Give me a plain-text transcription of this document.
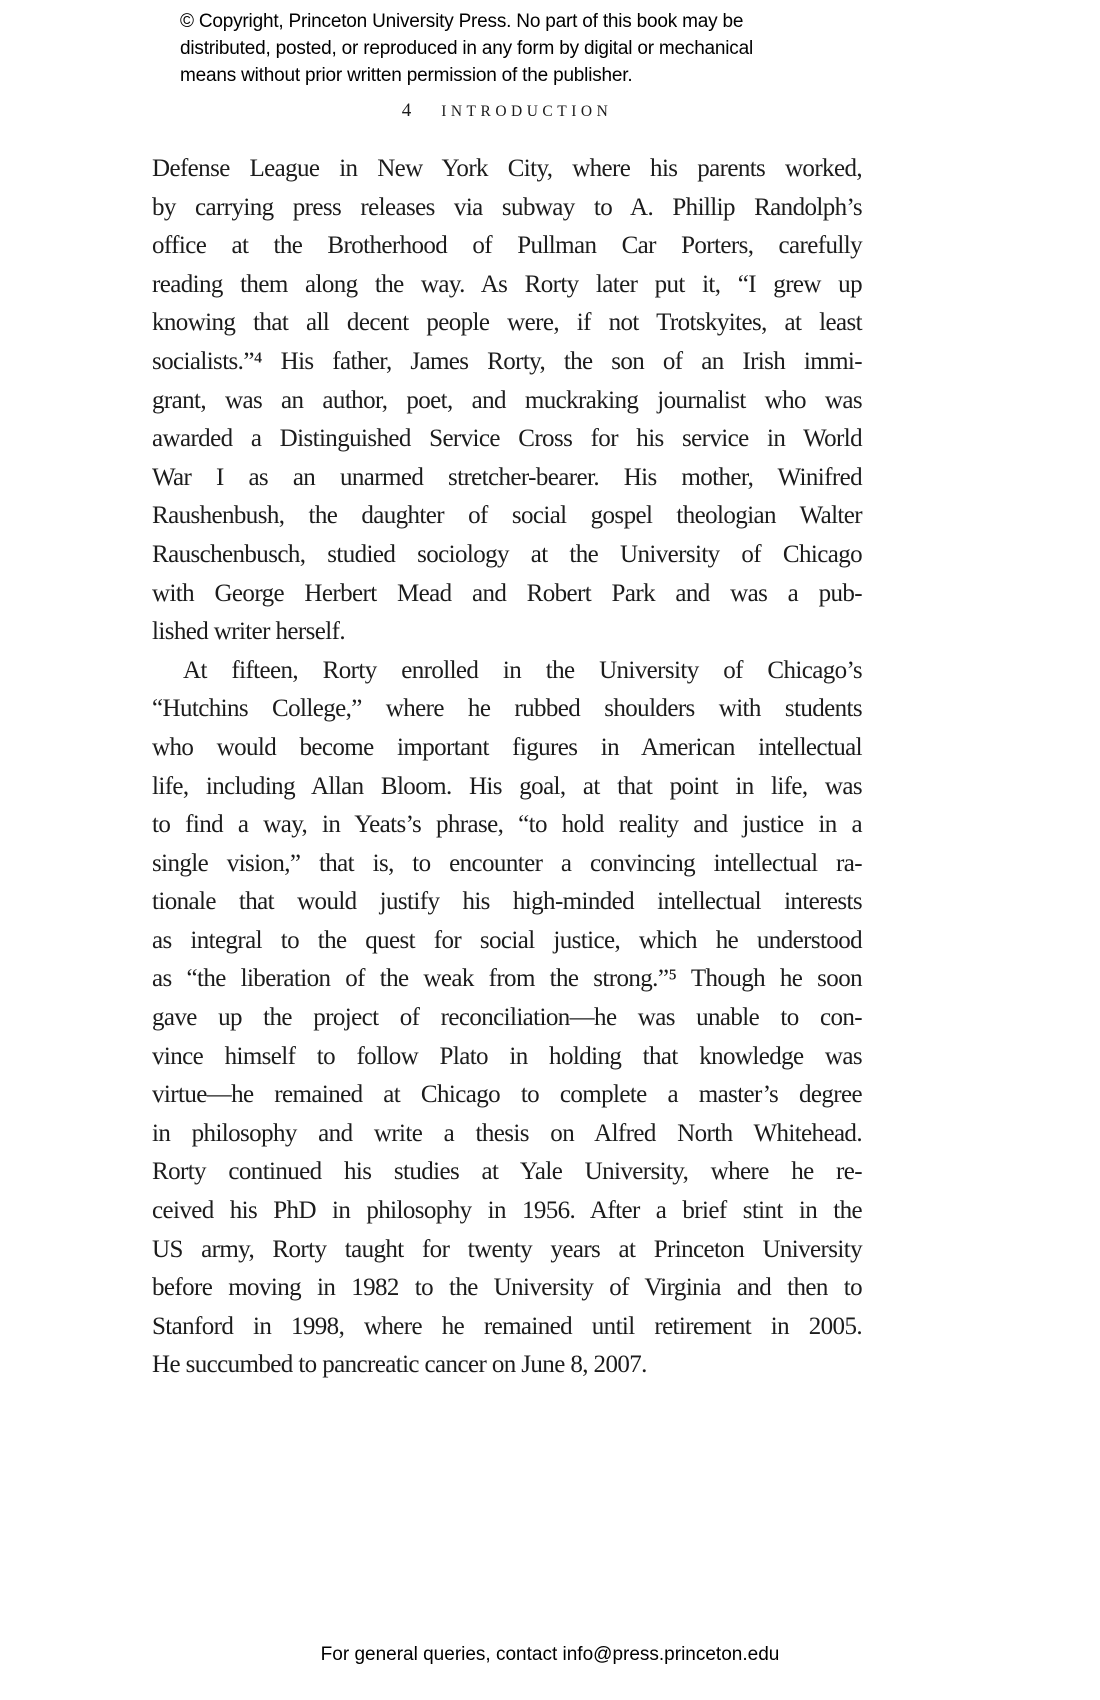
© Copyright, Princeton University Press. No part of this book may be
distributed, posted, or reproduced in any form by digital or mechanical
means without prior written permission of the publisher.
4 INTRODUCTION
Defense League in New York City, where his parents worked,
by carrying press releases via subway to A. Phillip Randolph’s
office at the Brotherhood of Pullman Car Porters, carefully
reading them along the way. As Rorty later put it, “I grew up
knowing that all decent people were, if not Trotskyites, at least
socialists.”⁴ His father, James Rorty, the son of an Irish immi-
grant, was an author, poet, and muckraking journalist who was
awarded a Distinguished Service Cross for his service in World
War I as an unarmed stretcher-bearer. His mother, Winifred
Raushenbush, the daughter of social gospel theologian Walter
Rauschenbusch, studied sociology at the University of Chicago
with George Herbert Mead and Robert Park and was a pub-
lished writer herself.
At fifteen, Rorty enrolled in the University of Chicago’s
“Hutchins College,” where he rubbed shoulders with students
who would become important figures in American intellectual
life, including Allan Bloom. His goal, at that point in life, was
to find a way, in Yeats’s phrase, “to hold reality and justice in a
single vision,” that is, to encounter a convincing intellectual ra-
tionale that would justify his high-minded intellectual interests
as integral to the quest for social justice, which he understood
as “the liberation of the weak from the strong.”⁵ Though he soon
gave up the project of reconciliation—he was unable to con-
vince himself to follow Plato in holding that knowledge was
virtue—he remained at Chicago to complete a master’s degree
in philosophy and write a thesis on Alfred North Whitehead.
Rorty continued his studies at Yale University, where he re-
ceived his PhD in philosophy in 1956. After a brief stint in the
US army, Rorty taught for twenty years at Princeton University
before moving in 1982 to the University of Virginia and then to
Stanford in 1998, where he remained until retirement in 2005.
He succumbed to pancreatic cancer on June 8, 2007.
For general queries, contact info@press.princeton.edu
